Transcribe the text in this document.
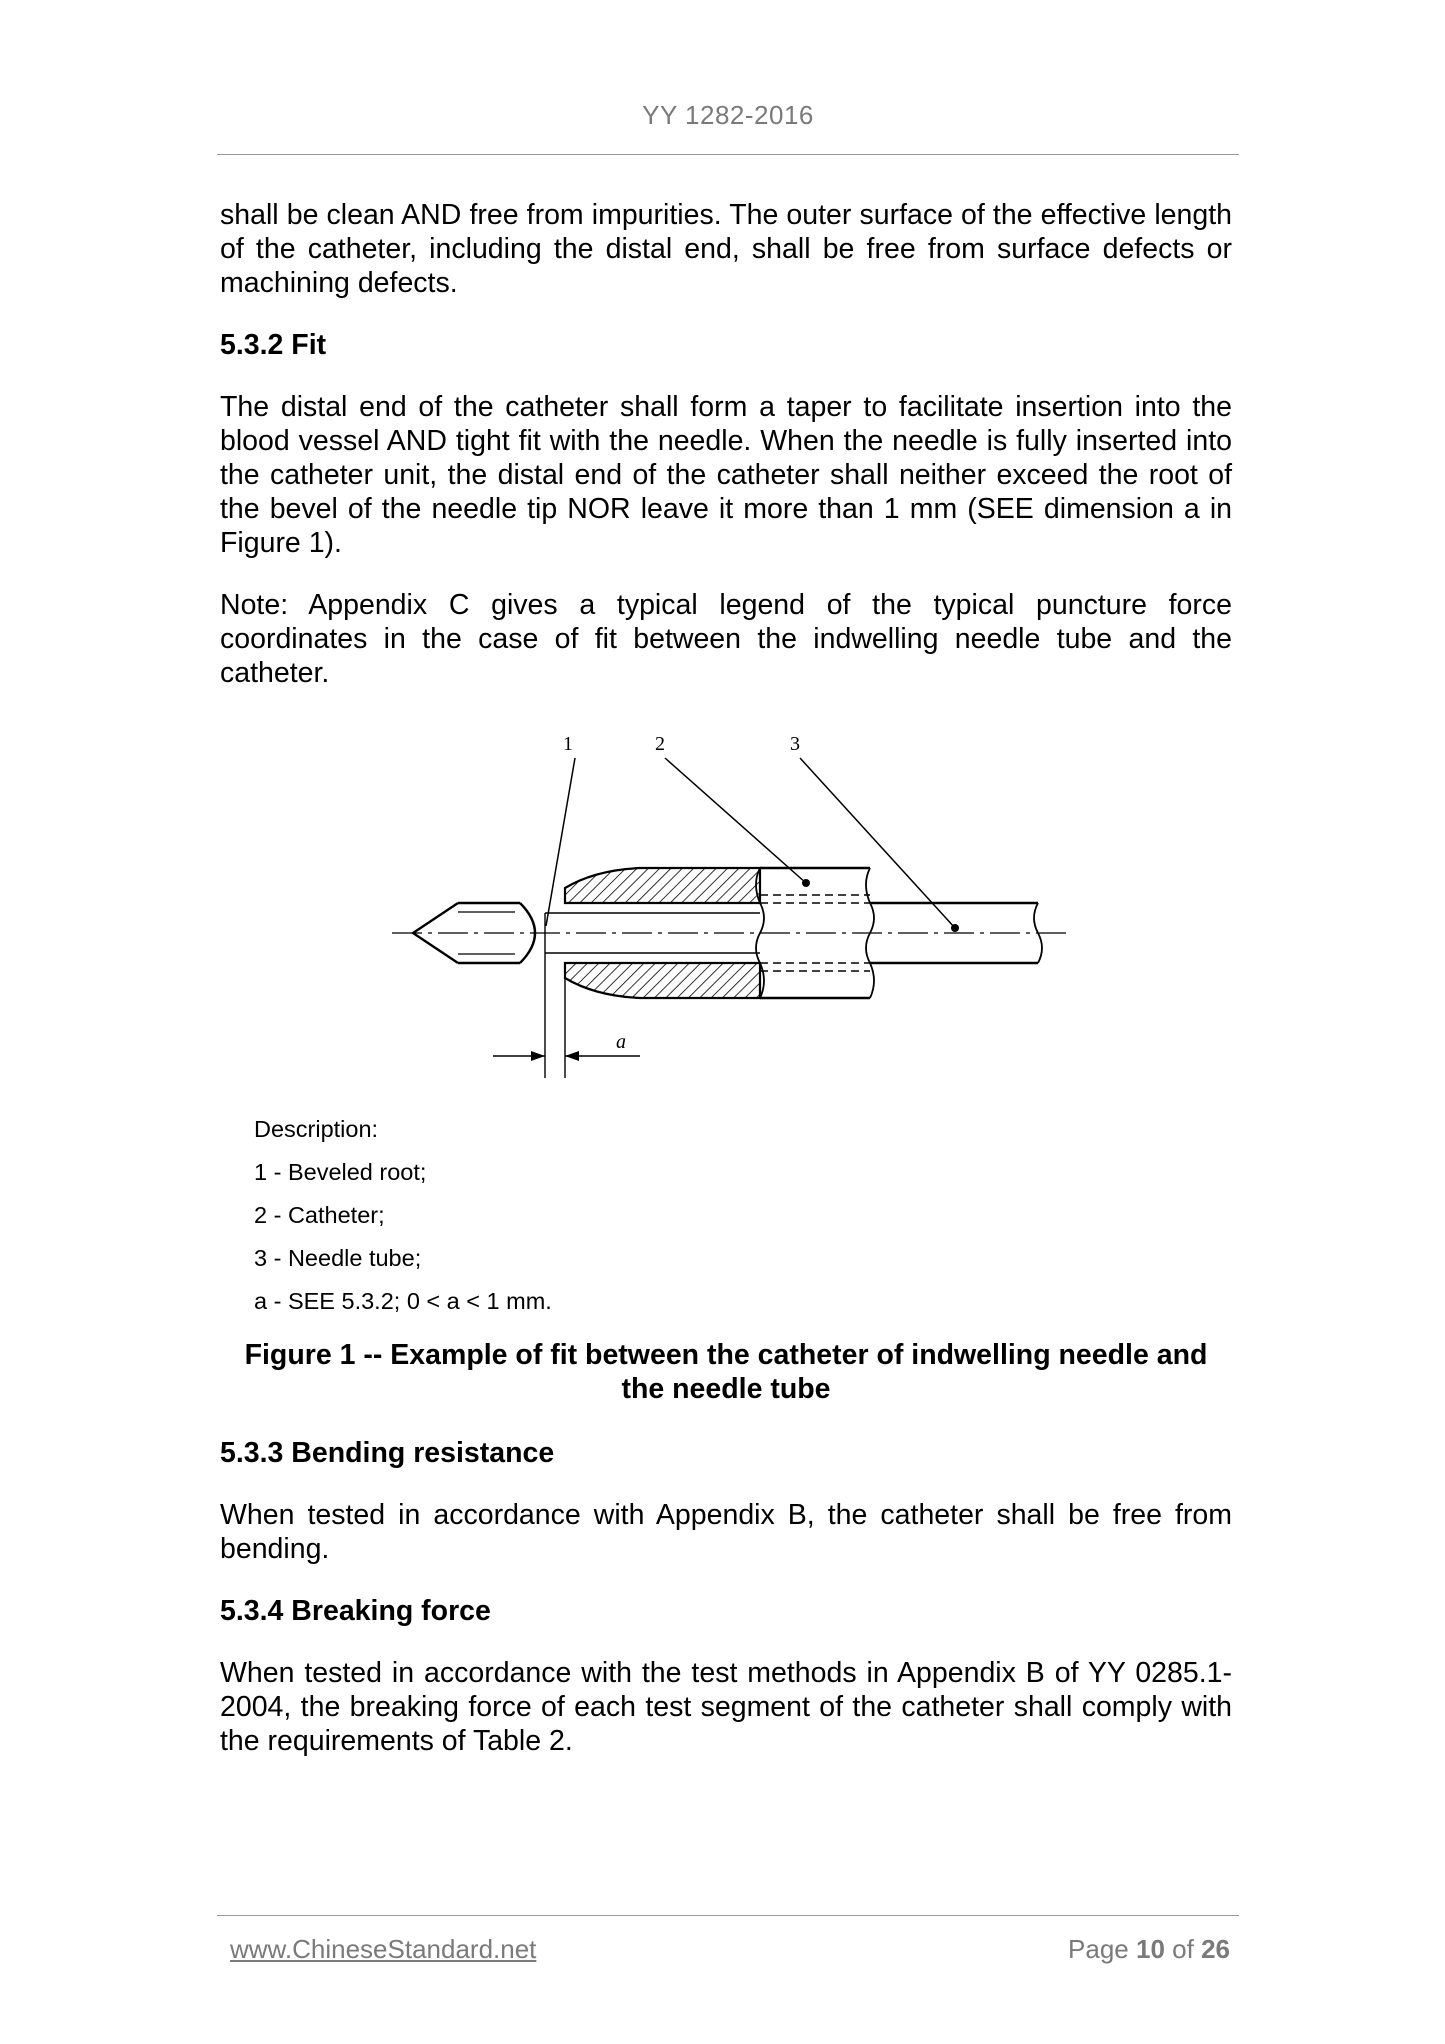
YY 1282-2016

shall be clean AND free from impurities. The outer surface of the effective length of the catheter, including the distal end, shall be free from surface defects or machining defects.

5.3.2 Fit

The distal end of the catheter shall form a taper to facilitate insertion into the blood vessel AND tight fit with the needle. When the needle is fully inserted into the catheter unit, the distal end of the catheter shall neither exceed the root of the bevel of the needle tip NOR leave it more than 1 mm (SEE dimension a in Figure 1).

Note: Appendix C gives a typical legend of the typical puncture force coordinates in the case of fit between the indwelling needle tube and the catheter.

1	2	3
a
Description:
1 - Beveled root;
2 - Catheter;
3 - Needle tube;
a - SEE 5.3.2; 0 < a < 1 mm.
Figure 1 -- Example of fit between the catheter of indwelling needle and the needle tube

5.3.3 Bending resistance

When tested in accordance with Appendix B, the catheter shall be free from bending.

5.3.4 Breaking force

When tested in accordance with the test methods in Appendix B of YY 0285.1-2004, the breaking force of each test segment of the catheter shall comply with the requirements of Table 2.

www.ChineseStandard.net	Page 10 of 26
